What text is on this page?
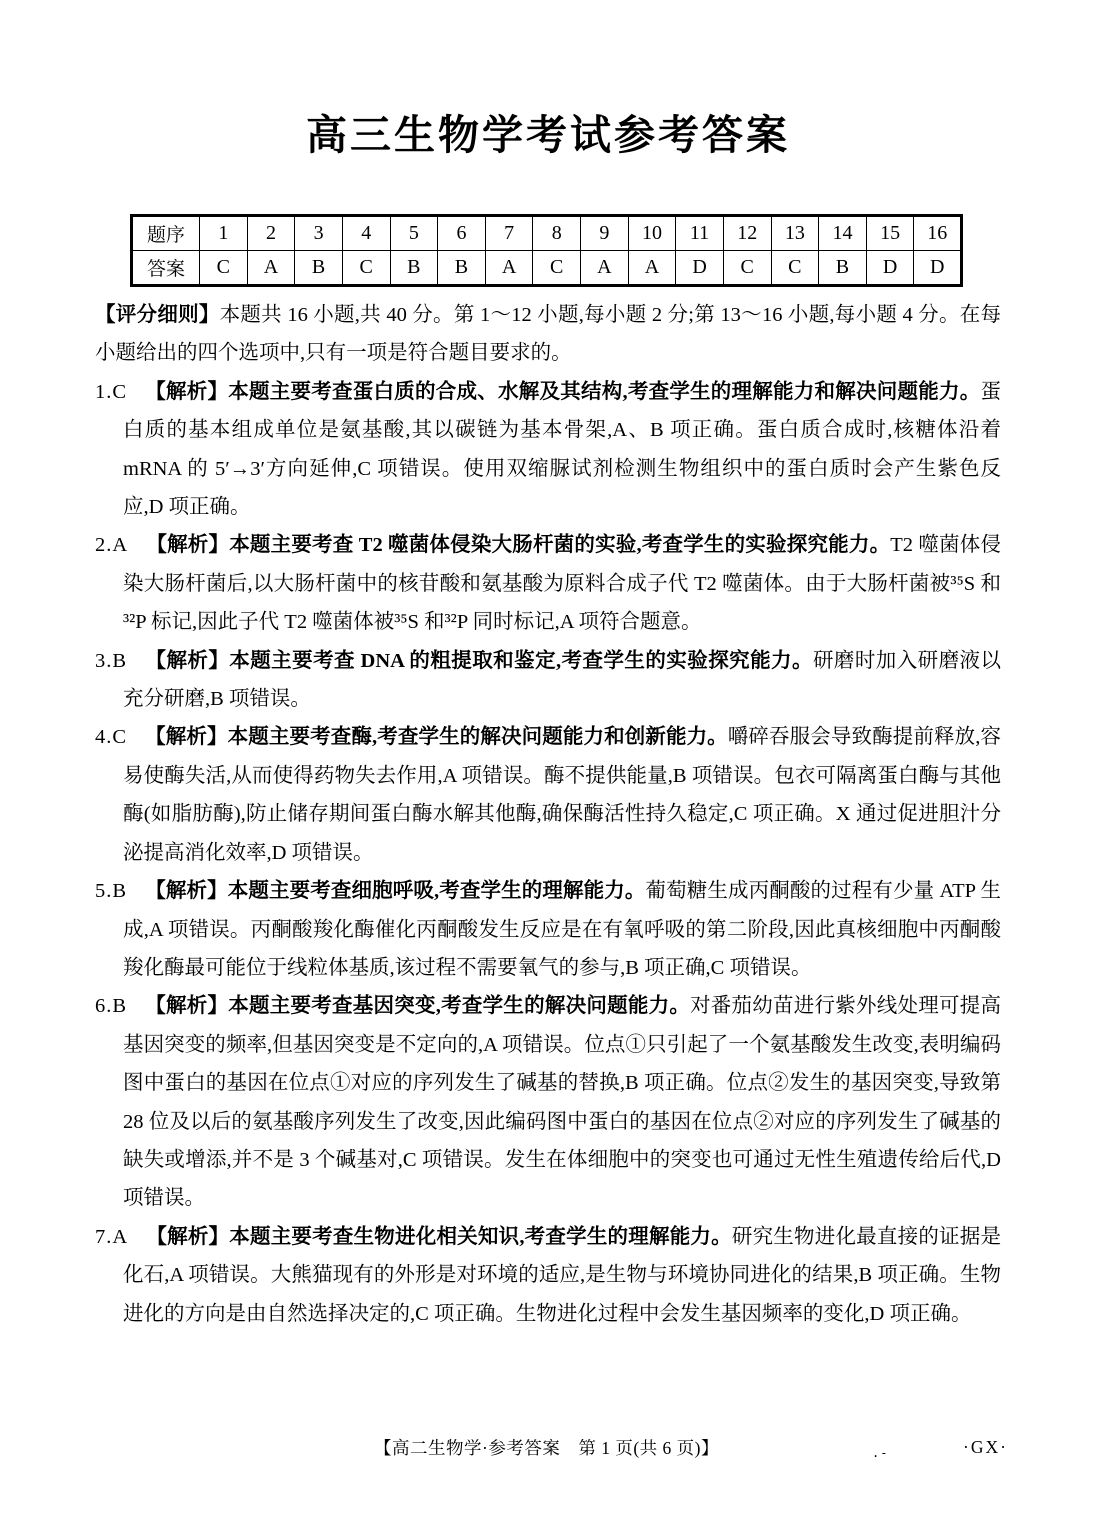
高三生物学考试参考答案
题序	1	2	3	4	5	6	7	8	9	10	11	12	13	14	15	16
答案	C	A	B	C	B	B	A	C	A	A	D	C	C	B	D	D

【评分细则】本题共 16 小题,共 40 分。第 1～12 小题,每小题 2 分;第 13～16 小题,每小题 4 分。在每小题给出的四个选项中,只有一项是符合题目要求的。

1.C 【解析】本题主要考查蛋白质的合成、水解及其结构,考查学生的理解能力和解决问题能力。蛋白质的基本组成单位是氨基酸,其以碳链为基本骨架,A、B 项正确。蛋白质合成时,核糖体沿着 mRNA 的 5′→3′方向延伸,C 项错误。使用双缩脲试剂检测生物组织中的蛋白质时会产生紫色反应,D 项正确。
2.A 【解析】本题主要考查 T2 噬菌体侵染大肠杆菌的实验,考查学生的实验探究能力。T2 噬菌体侵染大肠杆菌后,以大肠杆菌中的核苷酸和氨基酸为原料合成子代 T2 噬菌体。由于大肠杆菌被³⁵S 和³²P 标记,因此子代 T2 噬菌体被³⁵S 和³²P 同时标记,A 项符合题意。
3.B 【解析】本题主要考查 DNA 的粗提取和鉴定,考查学生的实验探究能力。研磨时加入研磨液以充分研磨,B 项错误。
4.C 【解析】本题主要考查酶,考查学生的解决问题能力和创新能力。嚼碎吞服会导致酶提前释放,容易使酶失活,从而使得药物失去作用,A 项错误。酶不提供能量,B 项错误。包衣可隔离蛋白酶与其他酶(如脂肪酶),防止储存期间蛋白酶水解其他酶,确保酶活性持久稳定,C 项正确。X 通过促进胆汁分泌提高消化效率,D 项错误。
5.B 【解析】本题主要考查细胞呼吸,考查学生的理解能力。葡萄糖生成丙酮酸的过程有少量 ATP 生成,A 项错误。丙酮酸羧化酶催化丙酮酸发生反应是在有氧呼吸的第二阶段,因此真核细胞中丙酮酸羧化酶最可能位于线粒体基质,该过程不需要氧气的参与,B 项正确,C 项错误。
6.B 【解析】本题主要考查基因突变,考查学生的解决问题能力。对番茄幼苗进行紫外线处理可提高基因突变的频率,但基因突变是不定向的,A 项错误。位点①只引起了一个氨基酸发生改变,表明编码图中蛋白的基因在位点①对应的序列发生了碱基的替换,B 项正确。位点②发生的基因突变,导致第 28 位及以后的氨基酸序列发生了改变,因此编码图中蛋白的基因在位点②对应的序列发生了碱基的缺失或增添,并不是 3 个碱基对,C 项错误。发生在体细胞中的突变也可通过无性生殖遗传给后代,D 项错误。
7.A 【解析】本题主要考查生物进化相关知识,考查学生的理解能力。研究生物进化最直接的证据是化石,A 项错误。大熊猫现有的外形是对环境的适应,是生物与环境协同进化的结果,B 项正确。生物进化的方向是由自然选择决定的,C 项正确。生物进化过程中会发生基因频率的变化,D 项正确。
【高二生物学·参考答案　第 1 页(共 6 页)】	.-	·GX·
